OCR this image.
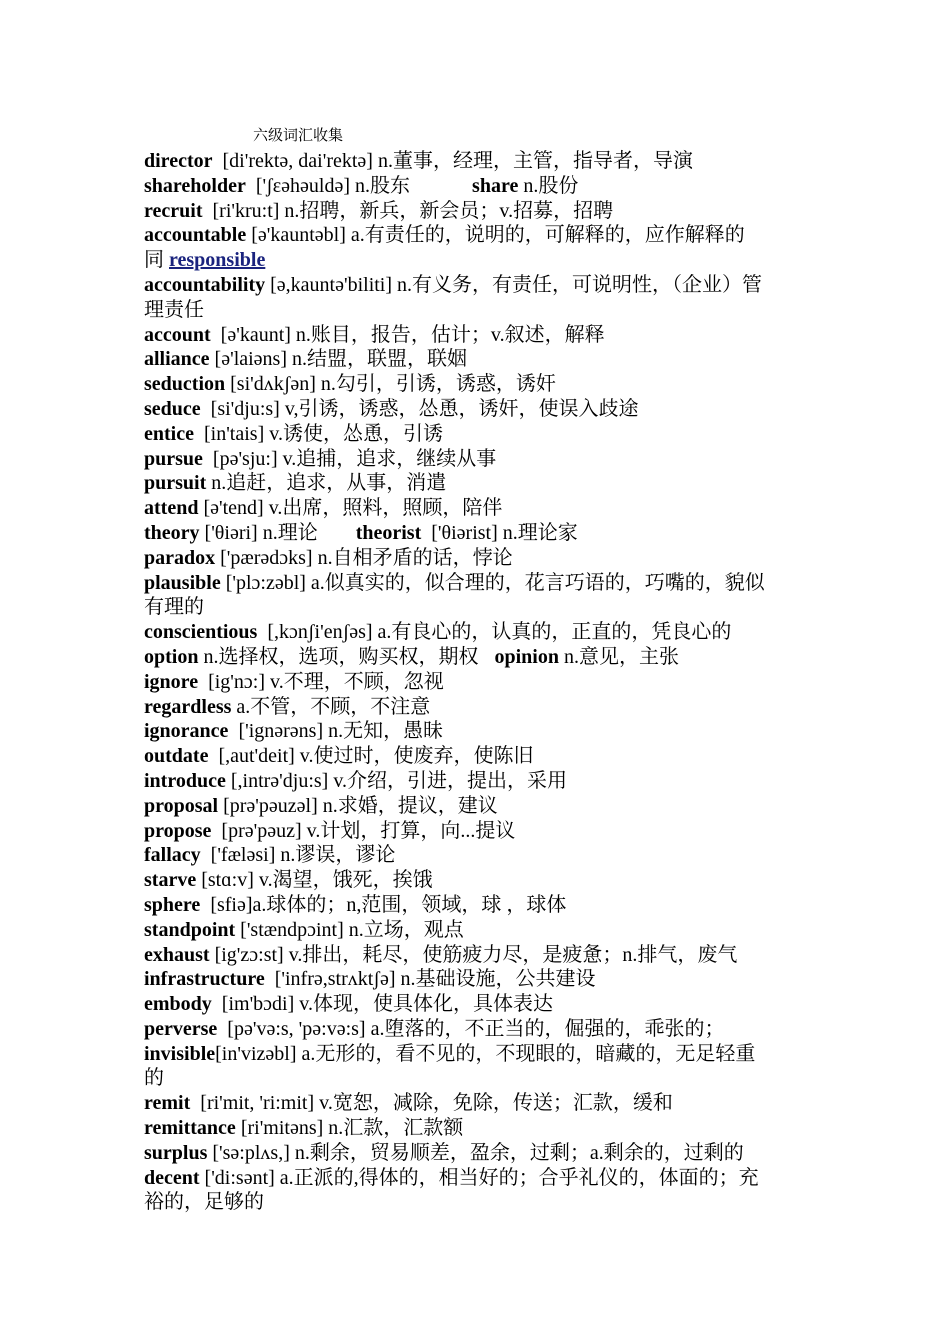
六级词汇收集
director  [di'rektə, dai'rektə] n.董事，经理，主管，指导者，导演
shareholder  ['ʃɛəhəuldə] n.股东	share n.股份
recruit  [ri'kru:t] n.招聘，新兵，新会员；v.招募，招聘
accountable [ə'kauntəbl] a.有责任的，说明的，可解释的，应作解释的
同 responsible
accountability [ə,kauntə'biliti] n.有义务，有责任，可说明性，（企业）管
理责任
account  [ə'kaunt] n.账目，报告，估计；v.叙述，解释
alliance [ə'laiəns] n.结盟，联盟，联姻
seduction [si'dʌkʃən] n.勾引，引诱，诱惑，诱奸
seduce  [si'dju:s] v,引诱，诱惑，怂恿，诱奸，使误入歧途
entice  [in'tais] v.诱使，怂恿，引诱
pursue  [pə'sju:] v.追捕，追求，继续从事
pursuit n.追赶，追求，从事，消遣
attend [ə'tend] v.出席，照料，照顾，陪伴
theory ['θiəri] n.理论 theorist  ['θiərist] n.理论家
paradox ['pærədɔks] n.自相矛盾的话，悖论
plausible ['plɔ:zəbl] a.似真实的，似合理的，花言巧语的，巧嘴的，貌似
有理的
conscientious  [,kɔnʃi'enʃəs] a.有良心的，认真的，正直的，凭良心的
option n.选择权，选项，购买权，期权 opinion n.意见，主张
ignore  [ig'nɔ:] v.不理，不顾，忽视
regardless a.不管，不顾，不注意
ignorance  ['ignərəns] n.无知，愚昧
outdate  [,aut'deit] v.使过时，使废弃，使陈旧
introduce [,intrə'dju:s] v.介绍，引进，提出，采用
proposal [prə'pəuzəl] n.求婚，提议，建议
propose  [prə'pəuz] v.计划，打算，向...提议
fallacy  ['fæləsi] n.谬误，谬论
starve [stɑ:v] v.渴望，饿死，挨饿
sphere  [sfiə]a.球体的；n,范围，领域，球 ，球体
standpoint ['stændpɔint] n.立场，观点
exhaust [ig'zɔ:st] v.排出，耗尽，使筋疲力尽，是疲惫；n.排气，废气
infrastructure  ['infrə,strʌktʃə] n.基础设施，公共建设
embody  [im'bɔdi] v.体现，使具体化，具体表达
perverse  [pə'və:s, 'pə:və:s] a.堕落的，不正当的，倔强的，乖张的；
invisible[in'vizəbl] a.无形的，看不见的，不现眼的，暗藏的，无足轻重
的
remit  [ri'mit, 'ri:mit] v.宽恕，减除，免除，传送；汇款，缓和
remittance [ri'mitəns] n.汇款，汇款额
surplus ['sə:plʌs,] n.剩余，贸易顺差，盈余，过剩；a.剩余的，过剩的
decent ['di:sənt] a.正派的,得体的，相当好的；合乎礼仪的，体面的；充
裕的，足够的
